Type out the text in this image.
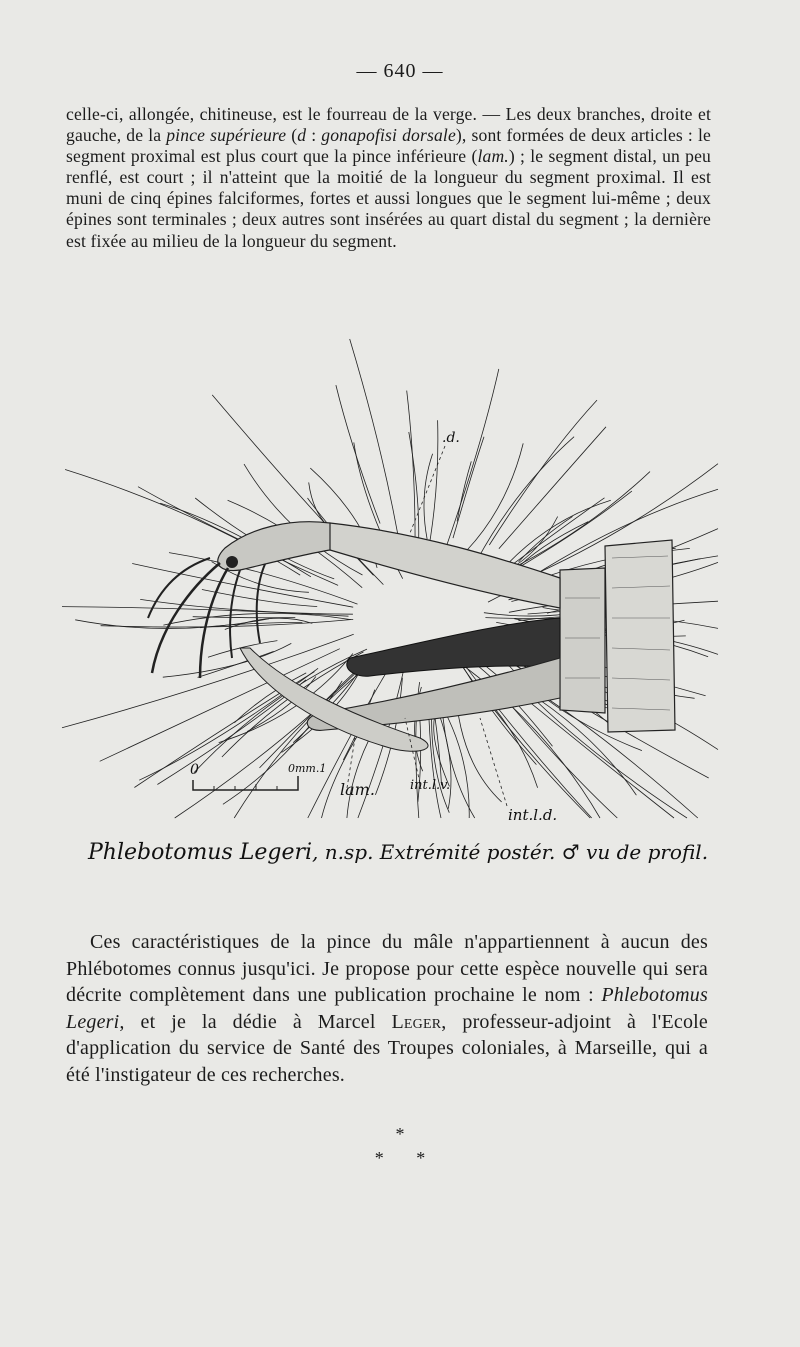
— 640 —

celle-ci, allongée, chitineuse, est le fourreau de la verge. — Les deux branches, droite et gauche, de la pince supérieure (d : gonapofisi dorsale), sont formées de deux articles : le segment proximal est plus court que la pince inférieure (lam.) ; le segment distal, un peu renflé, est court ; il n'atteint que la moitié de la longueur du segment proximal. Il est muni de cinq épines falciformes, fortes et aussi longues que le segment lui-même ; deux épines sont terminales ; deux autres sont insérées au quart distal du segment ; la dernière est fixée au milieu de la longueur du segment.

.d.
lam.	int.l.v.
int.l.d.
0	0mm.1
Phlebotomus Legeri, n.sp. Extrémité postér. ♂ vu de profil.

Ces caractéristiques de la pince du mâle n'appartiennent à aucun des Phlébotomes connus jusqu'ici. Je propose pour cette espèce nouvelle qui sera décrite complètement dans une publication prochaine le nom : Phlebotomus Legeri, et je la dédie à Marcel Leger, professeur-adjoint à l'Ecole d'application du service de Santé des Troupes coloniales, à Marseille, qui a été l'instigateur de ces recherches.

*
* *
